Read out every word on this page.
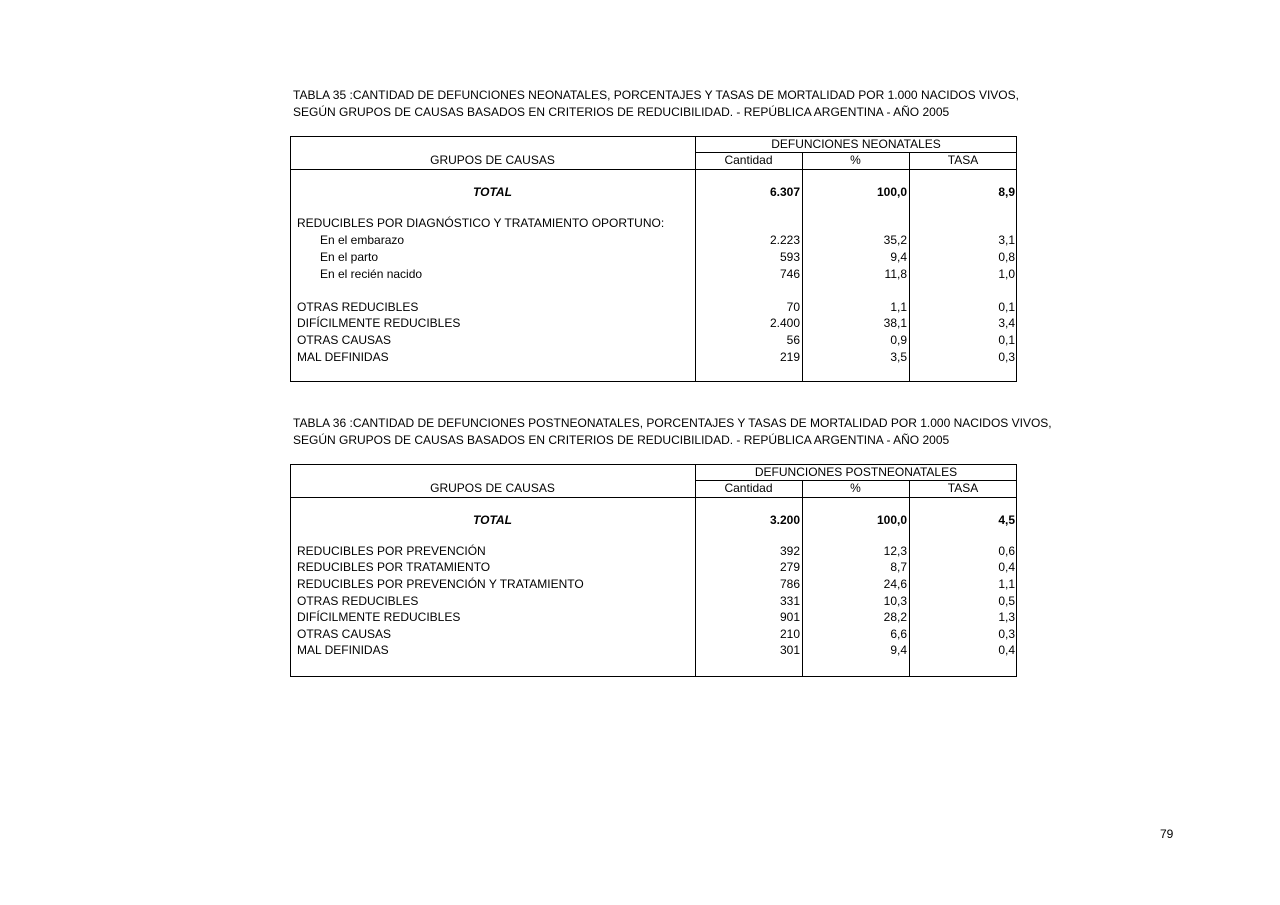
TABLA 35 :CANTIDAD DE DEFUNCIONES NEONATALES, PORCENTAJES Y TASAS DE MORTALIDAD POR 1.000 NACIDOS VIVOS,
SEGÚN GRUPOS DE CAUSAS BASADOS EN CRITERIOS DE REDUCIBILIDAD. - REPÚBLICA ARGENTINA - AÑO 2005
DEFUNCIONES NEONATALES
GRUPOS DE CAUSAS	Cantidad	%	TASA
TOTAL	6.307	100,0	8,9
REDUCIBLES POR DIAGNÓSTICO Y TRATAMIENTO OPORTUNO:
En el embarazo	2.223	35,2	3,1
En el parto	593	9,4	0,8
En el recién nacido	746	11,8	1,0
OTRAS REDUCIBLES	70	1,1	0,1
DIFÍCILMENTE REDUCIBLES	2.400	38,1	3,4
OTRAS CAUSAS	56	0,9	0,1
MAL DEFINIDAS	219	3,5	0,3
TABLA 36 :CANTIDAD DE DEFUNCIONES POSTNEONATALES, PORCENTAJES Y TASAS DE MORTALIDAD POR 1.000 NACIDOS VIVOS,
SEGÚN GRUPOS DE CAUSAS BASADOS EN CRITERIOS DE REDUCIBILIDAD. - REPÚBLICA ARGENTINA - AÑO 2005
DEFUNCIONES POSTNEONATALES
GRUPOS DE CAUSAS	Cantidad	%	TASA
TOTAL	3.200	100,0	4,5
REDUCIBLES POR PREVENCIÓN	392	12,3	0,6
REDUCIBLES POR TRATAMIENTO	279	8,7	0,4
REDUCIBLES POR PREVENCIÓN Y TRATAMIENTO	786	24,6	1,1
OTRAS REDUCIBLES	331	10,3	0,5
DIFÍCILMENTE REDUCIBLES	901	28,2	1,3
OTRAS CAUSAS	210	6,6	0,3
MAL DEFINIDAS	301	9,4	0,4
79
